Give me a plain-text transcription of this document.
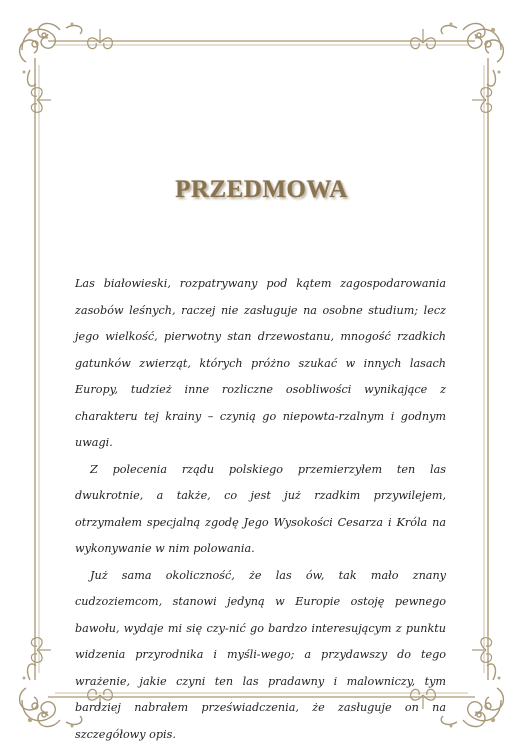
PRZEDMOWA

Las białowieski, rozpatrywany pod kątem zagospodarowania zasobów leśnych, raczej nie zasługuje na osobne studium; lecz jego wielkość, pierwotny stan drzewostanu, mnogość rzadkich gatunków zwierząt, których próżno szukać w innych lasach Europy, tudzież inne rozliczne osobliwości wynikające z charakteru tej krainy – czynią go niepowta-rzalnym i godnym uwagi.

Z polecenia rządu polskiego przemierzyłem ten las dwukrotnie, a także, co jest już rzadkim przywilejem, otrzymałem specjalną zgodę Jego Wysokości Cesarza i Króla na wykonywanie w nim polowania.

Już sama okoliczność, że las ów, tak mało znany cudzoziemcom, stanowi jedyną w Europie ostoję pewnego bawołu, wydaje mi się czy-nić go bardzo interesującym z punktu widzenia przyrodnika i myśli-wego; a przydawszy do tego wrażenie, jakie czyni ten las pradawny i malowniczy, tym bardziej nabrałem przeświadczenia, że zasługuje on na szczegółowy opis.
